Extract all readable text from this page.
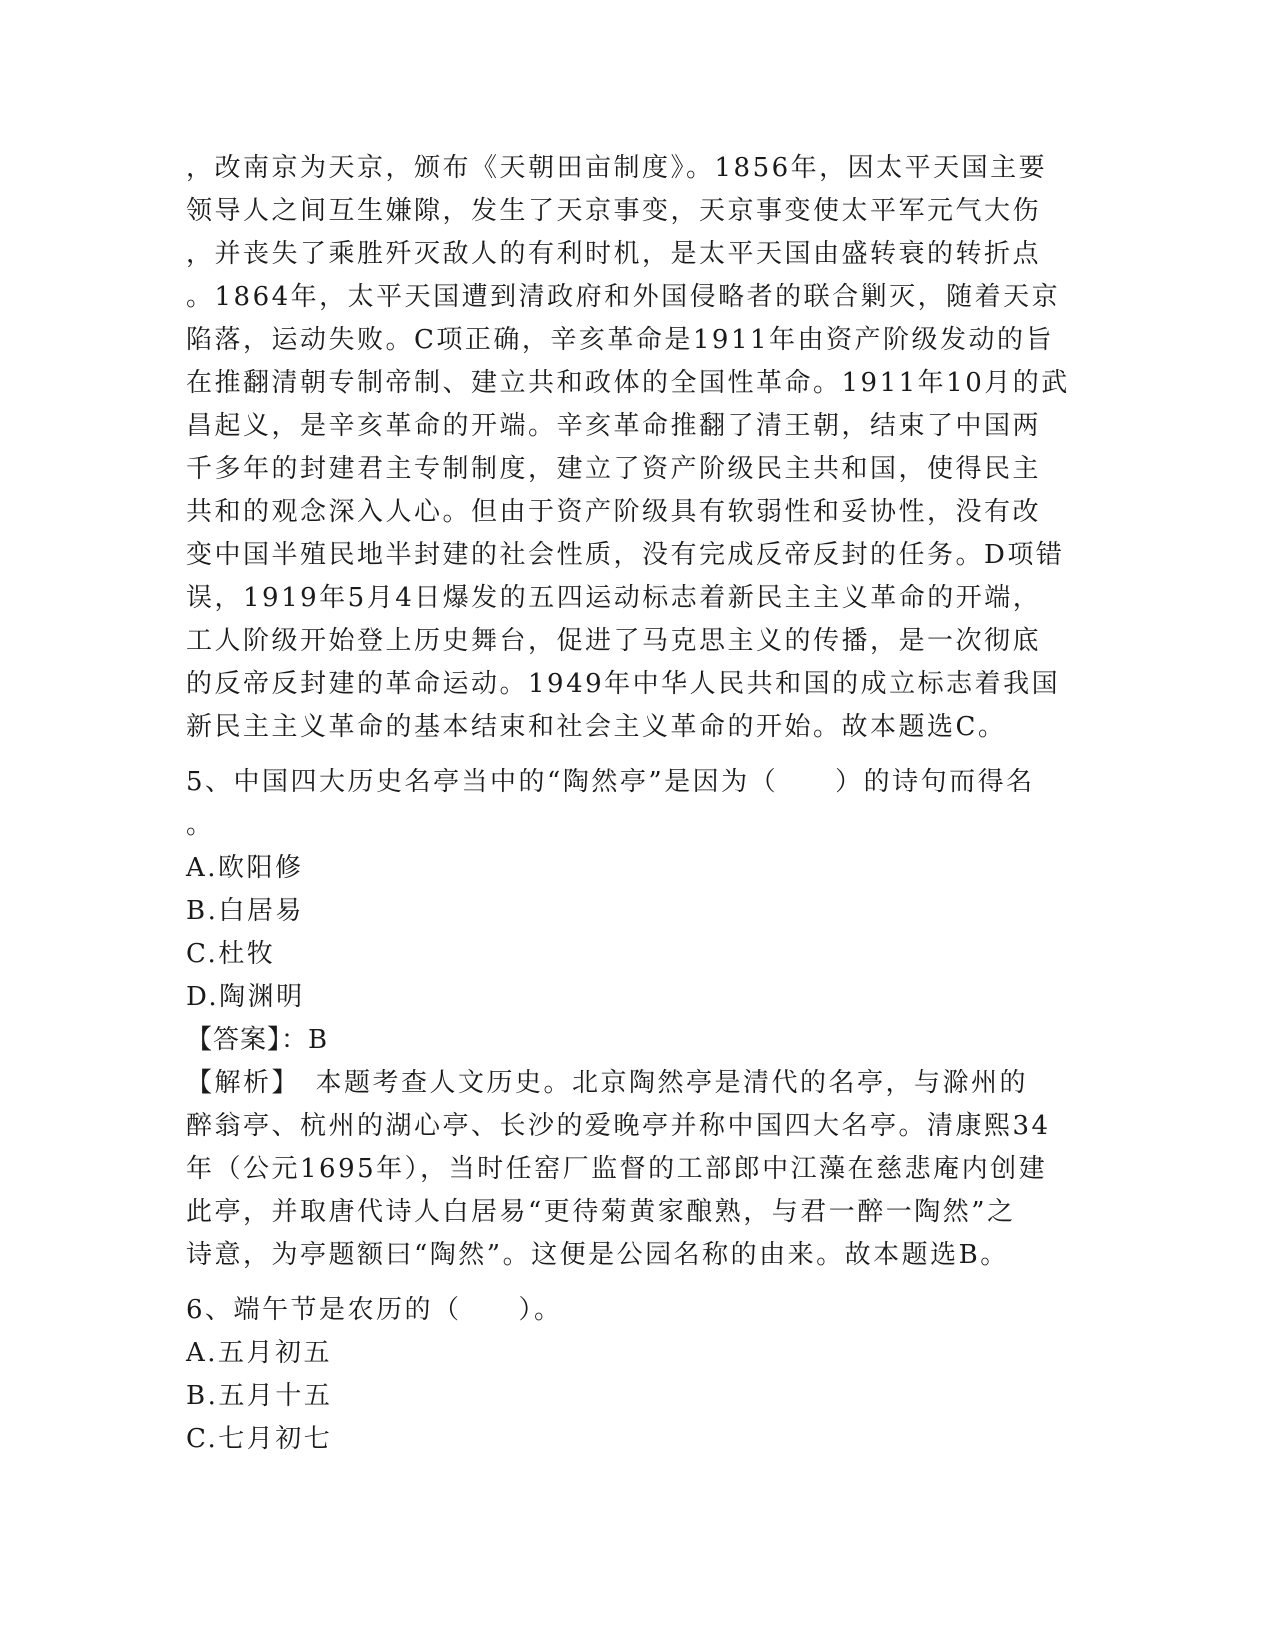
，改南京为天京，颁布《天朝田亩制度》。1856年，因太平天国主要
领导人之间互生嫌隙，发生了天京事变，天京事变使太平军元气大伤
，并丧失了乘胜歼灭敌人的有利时机，是太平天国由盛转衰的转折点
。1864年，太平天国遭到清政府和外国侵略者的联合剿灭，随着天京
陷落，运动失败。C项正确，辛亥革命是1911年由资产阶级发动的旨
在推翻清朝专制帝制、建立共和政体的全国性革命。1911年10月的武
昌起义，是辛亥革命的开端。辛亥革命推翻了清王朝，结束了中国两
千多年的封建君主专制制度，建立了资产阶级民主共和国，使得民主
共和的观念深入人心。但由于资产阶级具有软弱性和妥协性，没有改
变中国半殖民地半封建的社会性质，没有完成反帝反封的任务。D项错
误，1919年5月4日爆发的五四运动标志着新民主主义革命的开端，
工人阶级开始登上历史舞台，促进了马克思主义的传播，是一次彻底
的反帝反封建的革命运动。1949年中华人民共和国的成立标志着我国
新民主主义革命的基本结束和社会主义革命的开始。故本题选C。
5、中国四大历史名亭当中的“陶然亭”是因为（　　）的诗句而得名
。
A.欧阳修
B.白居易
C.杜牧
D.陶渊明
【答案】：B
【解析】　本题考查人文历史。北京陶然亭是清代的名亭，与滁州的
醉翁亭、杭州的湖心亭、长沙的爱晚亭并称中国四大名亭。清康熙34
年（公元1695年），当时任窑厂监督的工部郎中江藻在慈悲庵内创建
此亭，并取唐代诗人白居易“更待菊黄家酿熟，与君一醉一陶然”之
诗意，为亭题额曰“陶然”。这便是公园名称的由来。故本题选B。
6、端午节是农历的（　　）。
A.五月初五
B.五月十五
C.七月初七
